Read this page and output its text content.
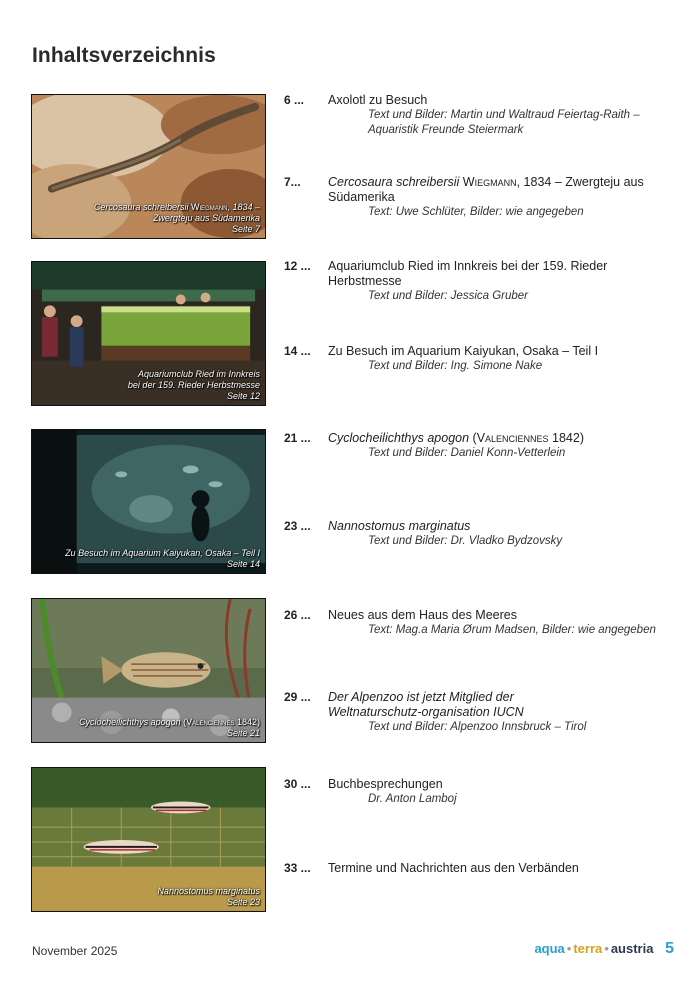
Inhaltsverzeichnis
Cercosaura schreibersii Wiegmann, 1834 –
Zwergteju aus Südamerika
Seite 7
Aquariumclub Ried im Innkreis
bei der 159. Rieder Herbstmesse
Seite 12
Zu Besuch im Aquarium Kaiyukan, Osaka – Teil I
Seite 14
Cyclocheilichthys apogon (Valenciennes 1842)
Seite 21
Nannostomus marginatus
Seite 23
6 ... Axolotl zu Besuch
Text und Bilder: Martin und Waltraud Feiertag-Raith – Aquaristik Freunde Steiermark
7... Cercosaura schreibersii Wiegmann, 1834 – Zwergteju aus Südamerika
Text: Uwe Schlüter, Bilder: wie angegeben
12 ... Aquariumclub Ried im Innkreis bei der 159. Rieder Herbstmesse
Text und Bilder: Jessica Gruber
14 ... Zu Besuch im Aquarium Kaiyukan, Osaka – Teil I
Text und Bilder: Ing. Simone Nake
21 ... Cyclocheilichthys apogon (Valenciennes 1842)
Text und Bilder: Daniel Konn-Vetterlein
23 ... Nannostomus marginatus
Text und Bilder: Dr. Vladko Bydzovsky
26 ... Neues aus dem Haus des Meeres
Text: Mag.a Maria Ørum Madsen, Bilder: wie angegeben
29 ... Der Alpenzoo ist jetzt Mitglied der Weltnaturschutz-organisation IUCN
Text und Bilder: Alpenzoo Innsbruck – Tirol
30 ... Buchbesprechungen
Dr. Anton Lamboj
33 ... Termine und Nachrichten aus den Verbänden
November 2025	aqua • terra • austria 5
